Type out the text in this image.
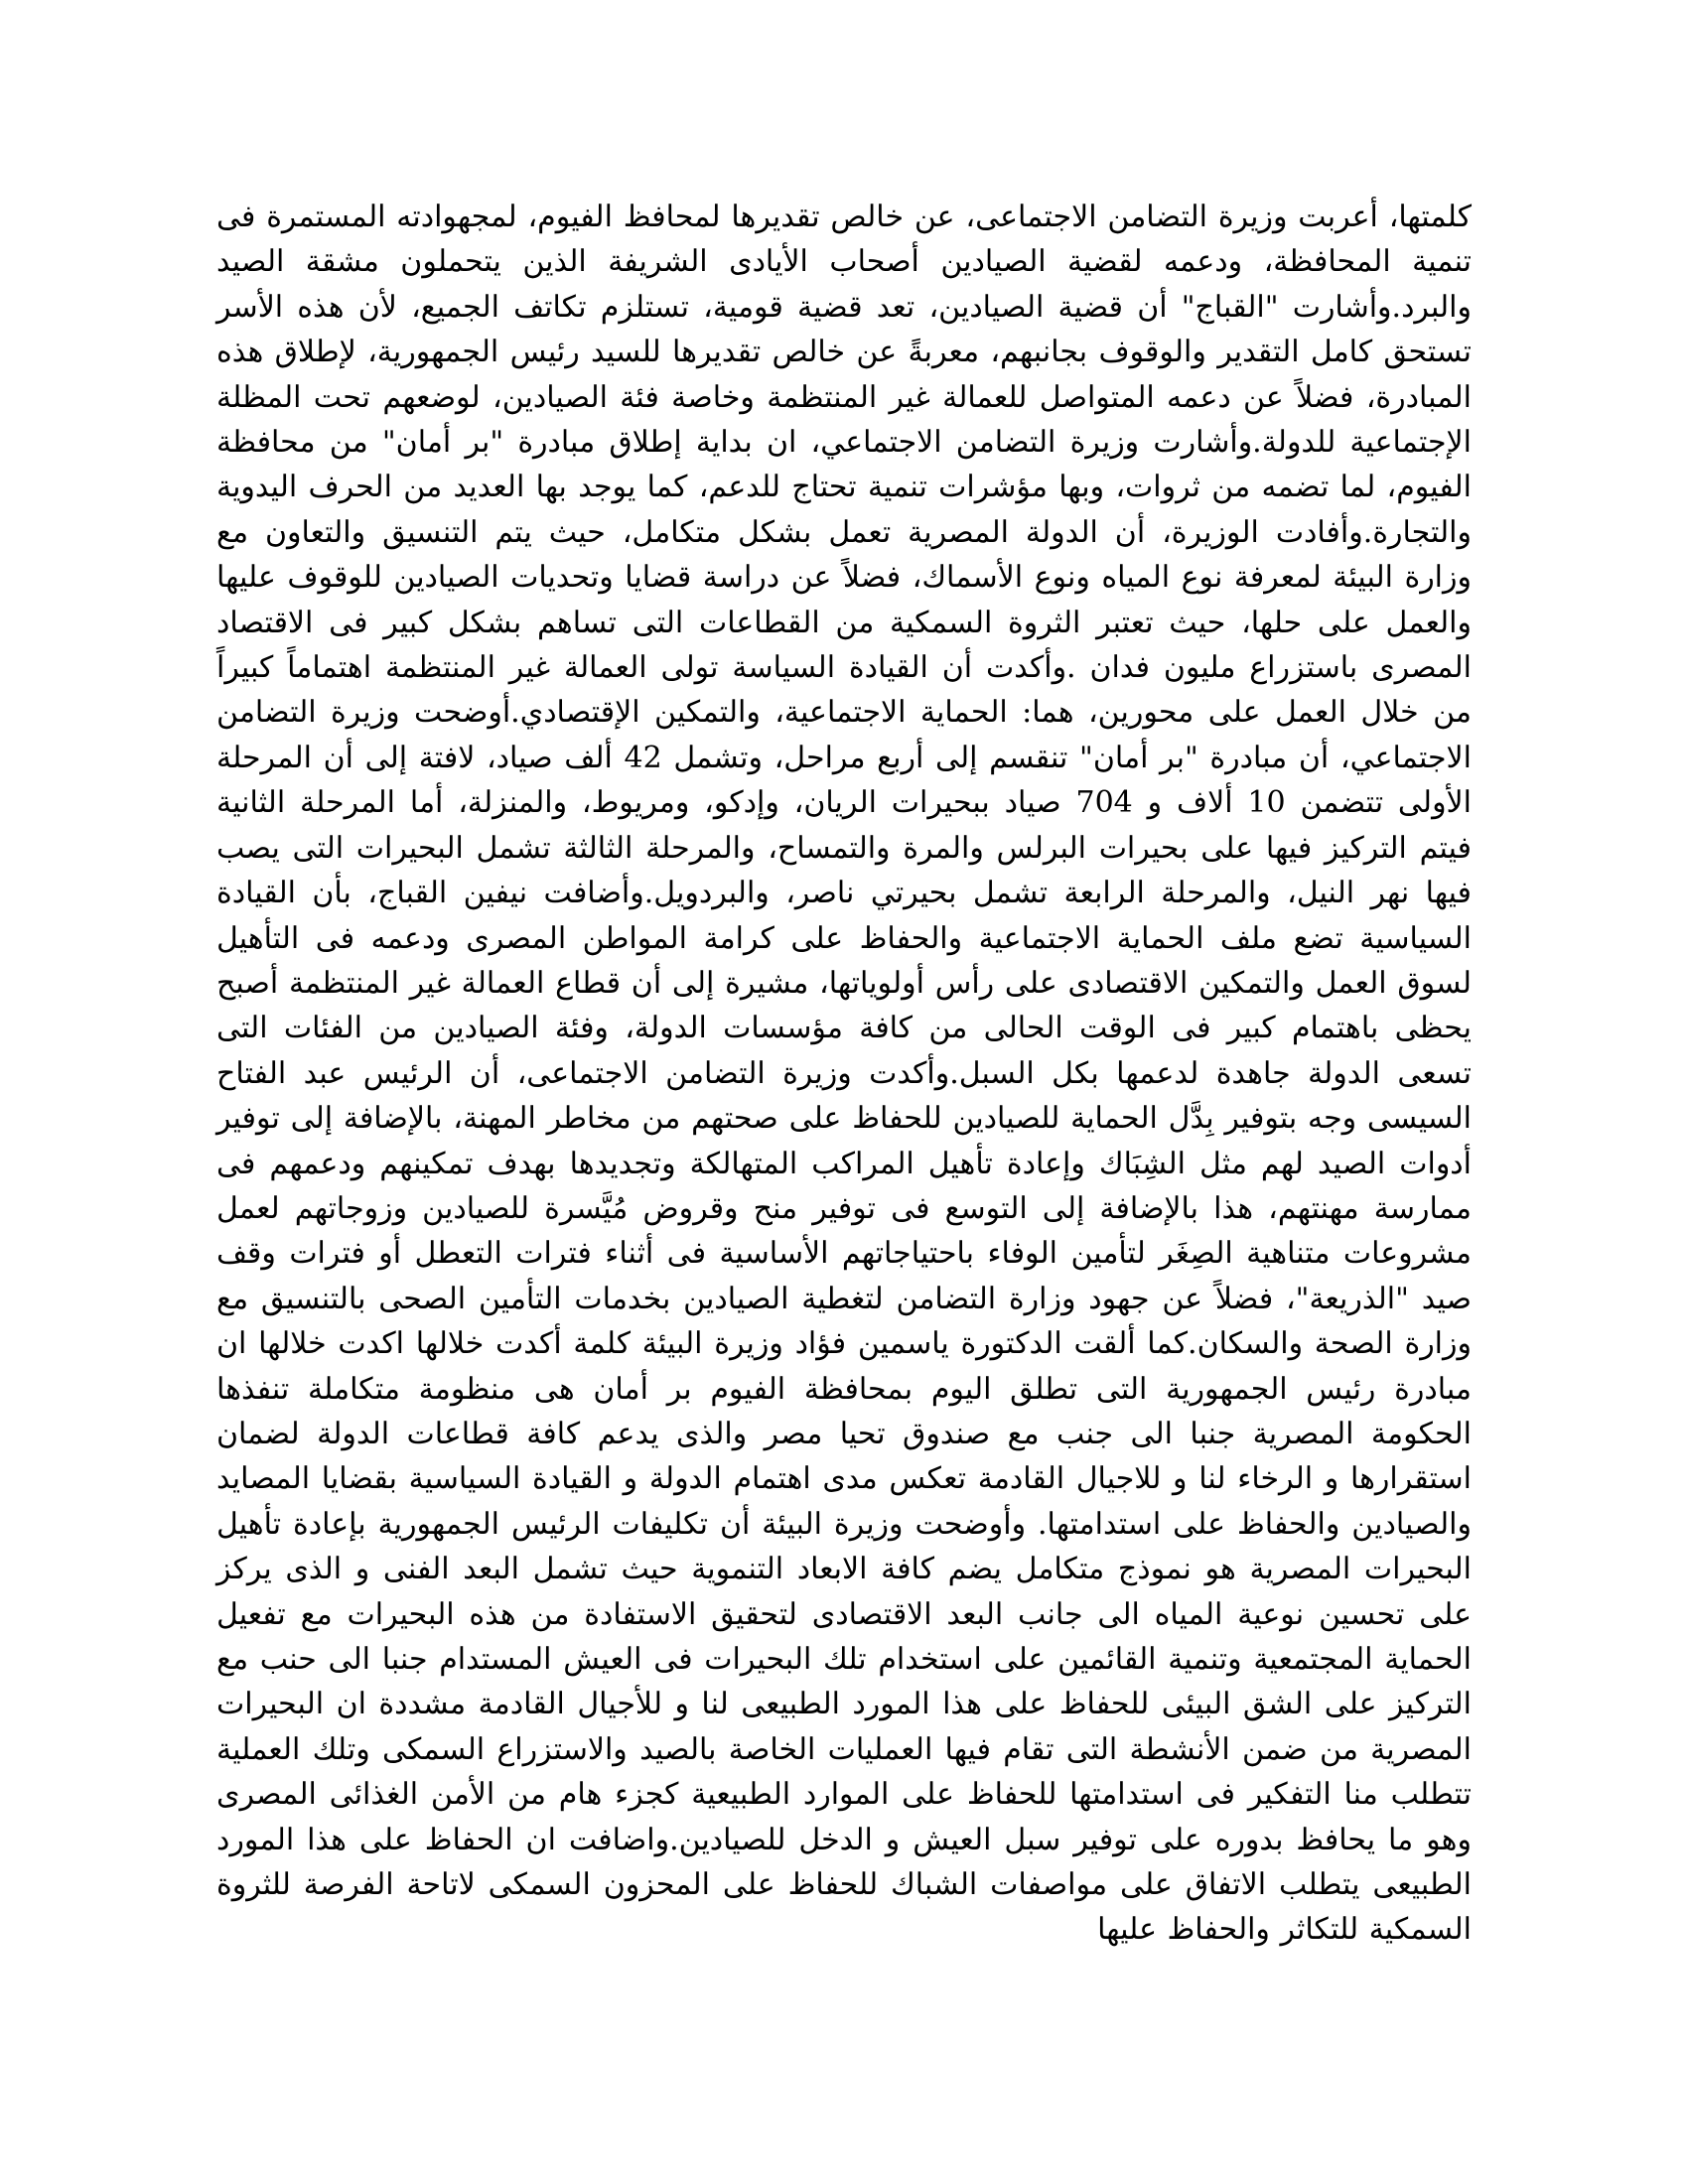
كلمتها، أعربت وزيرة التضامن الاجتماعى، عن خالص تقديرها لمحافظ الفيوم، لمجهوادته المستمرة فى تنمية المحافظة، ودعمه لقضية الصيادين أصحاب الأيادى الشريفة الذين يتحملون مشقة الصيد والبرد.وأشارت "القباج" أن قضية الصيادين، تعد قضية قومية، تستلزم تكاتف الجميع، لأن هذه الأسر تستحق كامل التقدير والوقوف بجانبهم، معربةً عن خالص تقديرها للسيد رئيس الجمهورية، لإطلاق هذه المبادرة، فضلاً عن دعمه المتواصل للعمالة غير المنتظمة وخاصة فئة الصيادين، لوضعهم تحت المظلة الإجتماعية للدولة.وأشارت وزيرة التضامن الاجتماعي، ان بداية إطلاق مبادرة "بر أمان" من محافظة الفيوم، لما تضمه من ثروات، وبها مؤشرات تنمية تحتاج للدعم، كما يوجد بها العديد من الحرف اليدوية والتجارة.وأفادت الوزيرة، أن الدولة المصرية تعمل بشكل متكامل، حيث يتم التنسيق والتعاون مع وزارة البيئة لمعرفة نوع المياه ونوع الأسماك، فضلاً عن دراسة قضايا وتحديات الصيادين للوقوف عليها والعمل على حلها، حيث تعتبر الثروة السمكية من القطاعات التى تساهم بشكل كبير فى الاقتصاد المصرى باستزراع مليون فدان .وأكدت أن القيادة السياسة تولى العمالة غير المنتظمة اهتماماً كبيراً من خلال العمل على محورين، هما: الحماية الاجتماعية، والتمكين الإقتصادي.أوضحت وزيرة التضامن الاجتماعي، أن مبادرة "بر أمان" تنقسم إلى أربع مراحل، وتشمل 42 ألف صياد، لافتة إلى أن المرحلة الأولى تتضمن 10 ألاف و 704 صياد ببحيرات الريان، وإدكو، ومريوط، والمنزلة، أما المرحلة الثانية فيتم التركيز فيها على بحيرات البرلس والمرة والتمساح، والمرحلة الثالثة تشمل البحيرات التى يصب فيها نهر النيل، والمرحلة الرابعة تشمل بحيرتي ناصر، والبردويل.وأضافت نيفين القباج، بأن القيادة السياسية تضع ملف الحماية الاجتماعية والحفاظ على كرامة المواطن المصرى ودعمه فى التأهيل لسوق العمل والتمكين الاقتصادى على رأس أولوياتها، مشيرة إلى أن قطاع العمالة غير المنتظمة أصبح يحظى باهتمام كبير فى الوقت الحالى من كافة مؤسسات الدولة، وفئة الصيادين من الفئات التى تسعى الدولة جاهدة لدعمها بكل السبل.وأكدت وزيرة التضامن الاجتماعى، أن الرئيس عبد الفتاح السيسى وجه بتوفير بِدَّل الحماية للصيادين للحفاظ على صحتهم من مخاطر المهنة، بالإضافة إلى توفير أدوات الصيد لهم مثل الشِبَاك وإعادة تأهيل المراكب المتهالكة وتجديدها بهدف تمكينهم ودعمهم فى ممارسة مهنتهم، هذا بالإضافة إلى التوسع فى توفير منح وقروض مُيَّسرة للصيادين وزوجاتهم لعمل مشروعات متناهية الصِغَر لتأمين الوفاء باحتياجاتهم الأساسية فى أثناء فترات التعطل أو فترات وقف صيد "الذريعة"، فضلاً عن جهود وزارة التضامن لتغطية الصيادين بخدمات التأمين الصحى بالتنسيق مع وزارة الصحة والسكان.كما ألقت الدكتورة ياسمين فؤاد وزيرة البيئة كلمة أكدت خلالها اكدت خلالها ان مبادرة رئيس الجمهورية التى تطلق اليوم بمحافظة الفيوم بر أمان هى منظومة متكاملة تنفذها الحكومة المصرية جنبا الى جنب مع صندوق تحيا مصر والذى يدعم كافة قطاعات الدولة لضمان استقرارها و الرخاء لنا و للاجيال القادمة تعكس مدى اهتمام الدولة و القيادة السياسية بقضايا المصايد والصيادين والحفاظ على استدامتها. وأوضحت وزيرة البيئة أن تكليفات الرئيس الجمهورية بإعادة تأهيل البحيرات المصرية هو نموذج متكامل يضم كافة الابعاد التنموية حيث تشمل البعد الفنى و الذى يركز على تحسين نوعية المياه الى جانب البعد الاقتصادى لتحقيق الاستفادة من هذه البحيرات مع تفعيل الحماية المجتمعية وتنمية القائمين على استخدام تلك البحيرات فى العيش المستدام جنبا الى حنب مع التركيز على الشق البيئى للحفاظ على هذا المورد الطبيعى لنا و للأجيال القادمة مشددة ان البحيرات المصرية من ضمن الأنشطة التى تقام فيها العمليات الخاصة بالصيد والاستزراع السمكى وتلك العملية تتطلب منا التفكير فى استدامتها للحفاظ على الموارد الطبيعية كجزء هام من الأمن الغذائى المصرى وهو ما يحافظ بدوره على توفير سبل العيش و الدخل للصيادين.واضافت ان الحفاظ على هذا المورد الطبيعى يتطلب الاتفاق على مواصفات الشباك للحفاظ على المحزون السمكى لاتاحة الفرصة للثروة السمكية للتكاثر والحفاظ عليها
